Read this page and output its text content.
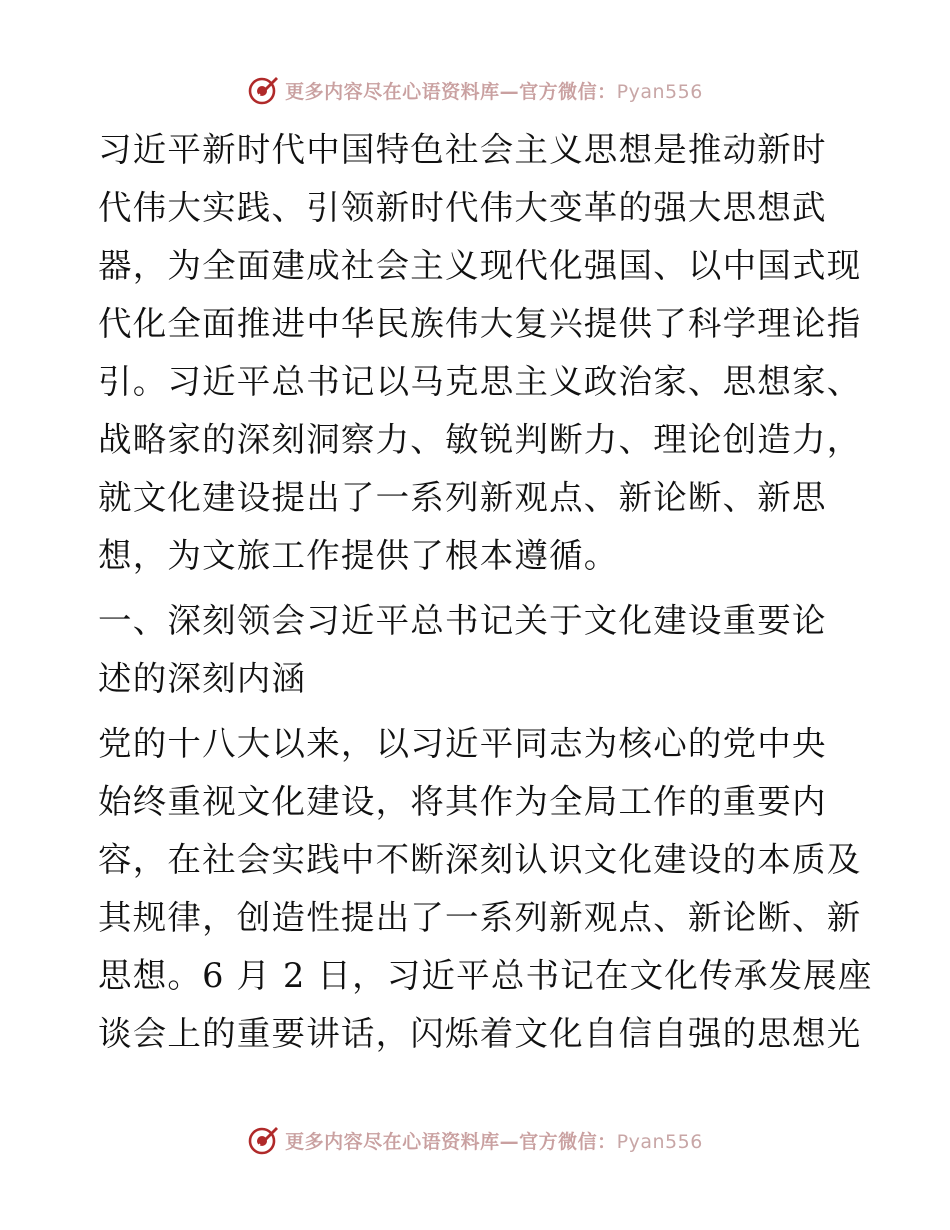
更多内容尽在心语资料库—官方微信：Pyan556

习近平新时代中国特色社会主义思想是推动新时
代伟大实践、引领新时代伟大变革的强大思想武
器，为全面建成社会主义现代化强国、以中国式现
代化全面推进中华民族伟大复兴提供了科学理论指
引。习近平总书记以马克思主义政治家、思想家、
战略家的深刻洞察力、敏锐判断力、理论创造力，
就文化建设提出了一系列新观点、新论断、新思
想，为文旅工作提供了根本遵循。

一、深刻领会习近平总书记关于文化建设重要论
述的深刻内涵

党的十八大以来，以习近平同志为核心的党中央
始终重视文化建设，将其作为全局工作的重要内
容，在社会实践中不断深刻认识文化建设的本质及
其规律，创造性提出了一系列新观点、新论断、新
思想。6 月 2 日，习近平总书记在文化传承发展座
谈会上的重要讲话，闪烁着文化自信自强的思想光

更多内容尽在心语资料库—官方微信：Pyan556
